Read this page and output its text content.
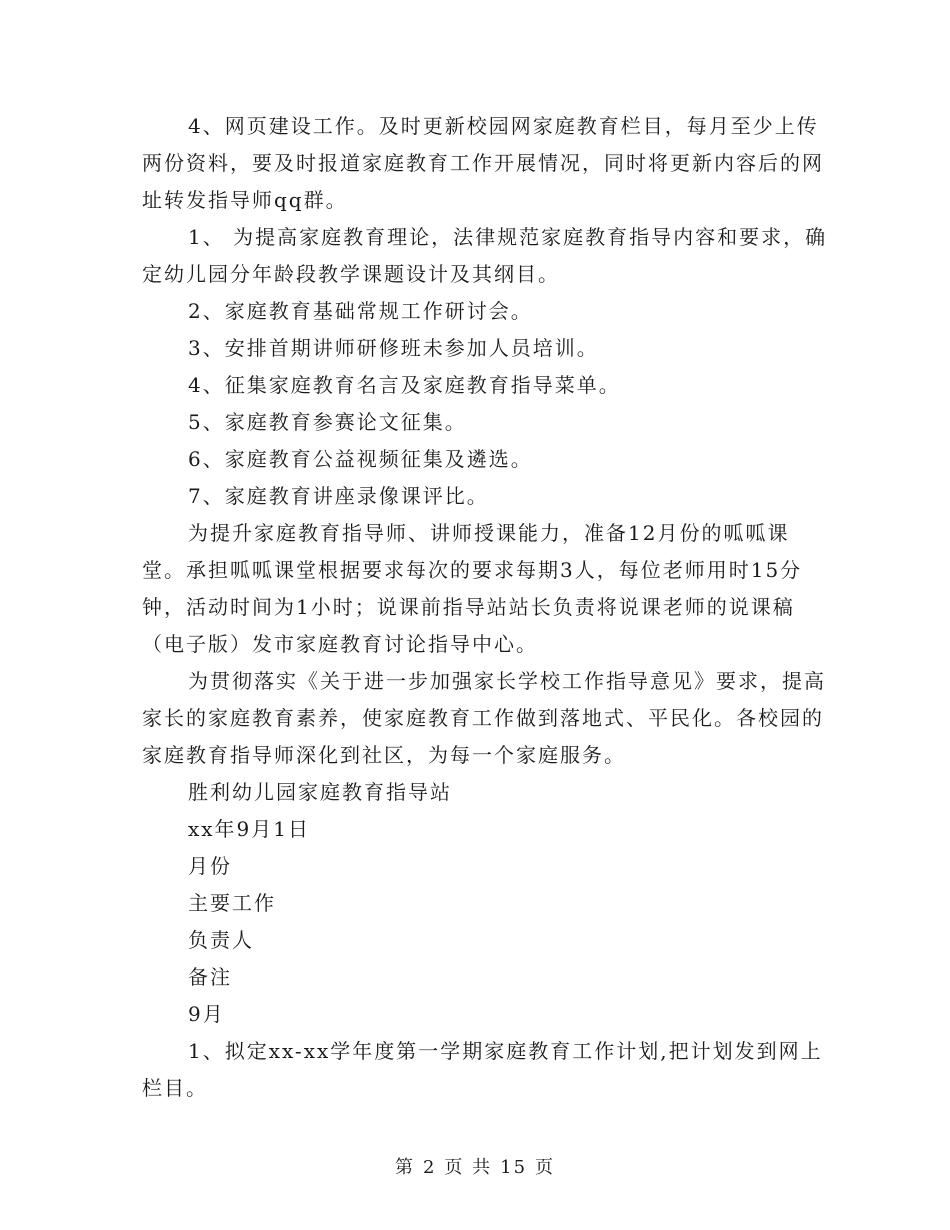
4、网页建设工作。及时更新校园网家庭教育栏目，每月至少上传两份资料，要及时报道家庭教育工作开展情况，同时将更新内容后的网址转发指导师qq群。

1、 为提高家庭教育理论，法律规范家庭教育指导内容和要求，确定幼儿园分年龄段教学课题设计及其纲目。

2、家庭教育基础常规工作研讨会。

3、安排首期讲师研修班未参加人员培训。

4、征集家庭教育名言及家庭教育指导菜单。

5、家庭教育参赛论文征集。

6、家庭教育公益视频征集及遴选。

7、家庭教育讲座录像课评比。

为提升家庭教育指导师、讲师授课能力，准备12月份的呱呱课堂。承担呱呱课堂根据要求每次的要求每期3人，每位老师用时15分钟，活动时间为1小时；说课前指导站站长负责将说课老师的说课稿（电子版）发市家庭教育讨论指导中心。

为贯彻落实《关于进一步加强家长学校工作指导意见》要求，提高家长的家庭教育素养，使家庭教育工作做到落地式、平民化。各校园的家庭教育指导师深化到社区，为每一个家庭服务。

胜利幼儿园家庭教育指导站

xx年9月1日

月份

主要工作

负责人

备注

9月

1、拟定xx-xx学年度第一学期家庭教育工作计划,把计划发到网上栏目。

第 2 页 共 15 页
